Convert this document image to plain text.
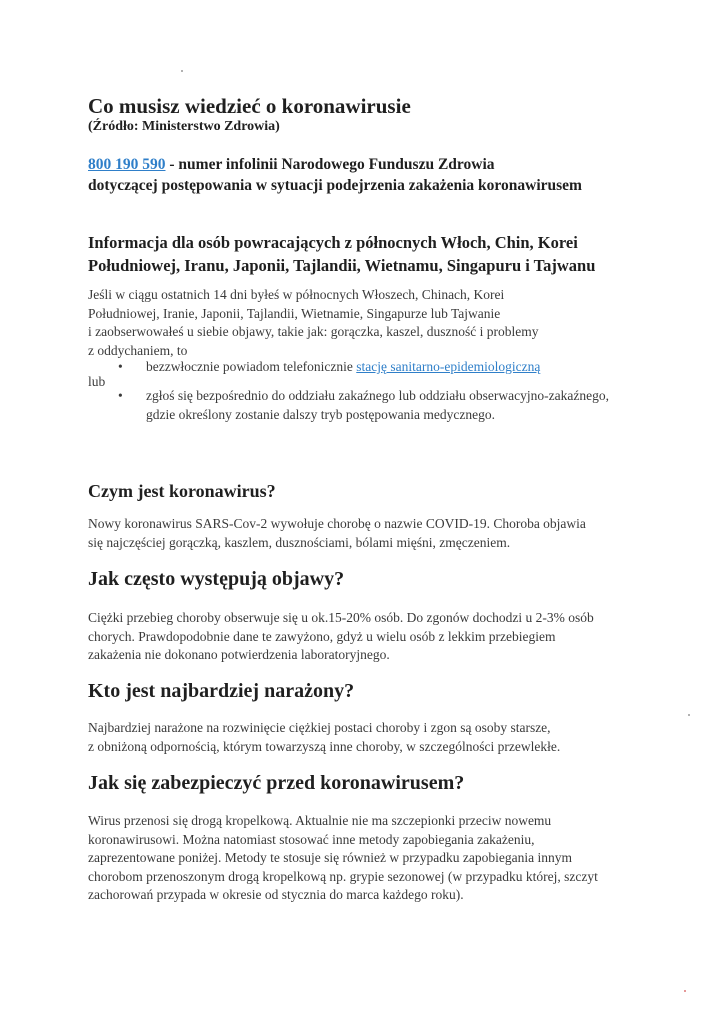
Co musisz wiedzieć o koronawirusie
(Źródło: Ministerstwo Zdrowia)
800 190 590 - numer infolinii Narodowego Funduszu Zdrowia
dotyczącej postępowania w sytuacji podejrzenia zakażenia koronawirusem
Informacja dla osób powracających z północnych Włoch, Chin, Korei
Południowej, Iranu, Japonii, Tajlandii, Wietnamu, Singapuru i Tajwanu
Jeśli w ciągu ostatnich 14 dni byłeś w północnych Włoszech, Chinach, Korei
Południowej, Iranie, Japonii, Tajlandii, Wietnamie, Singapurze lub Tajwanie
i zaobserwowałeś u siebie objawy, takie jak: gorączka, kaszel, duszność i problemy
z oddychaniem, to
• bezzwłocznie powiadom telefonicznie stację sanitarno-epidemiologiczną
lub
• zgłoś się bezpośrednio do oddziału zakaźnego lub oddziału obserwacyjno-zakaźnego,
gdzie określony zostanie dalszy tryb postępowania medycznego.
Czym jest koronawirus?
Nowy koronawirus SARS-Cov-2 wywołuje chorobę o nazwie COVID-19. Choroba objawia
się najczęściej gorączką, kaszlem, dusznościami, bólami mięśni, zmęczeniem.
Jak często występują objawy?
Ciężki przebieg choroby obserwuje się u ok.15-20% osób. Do zgonów dochodzi u 2-3% osób
chorych. Prawdopodobnie dane te zawyżono, gdyż u wielu osób z lekkim przebiegiem
zakażenia nie dokonano potwierdzenia laboratoryjnego.
Kto jest najbardziej narażony?
Najbardziej narażone na rozwinięcie ciężkiej postaci choroby i zgon są osoby starsze,
z obniżoną odpornością, którym towarzyszą inne choroby, w szczególności przewlekłe.
Jak się zabezpieczyć przed koronawirusem?
Wirus przenosi się drogą kropelkową. Aktualnie nie ma szczepionki przeciw nowemu
koronawirusowi. Można natomiast stosować inne metody zapobiegania zakażeniu,
zaprezentowane poniżej. Metody te stosuje się również w przypadku zapobiegania innym
chorobom przenoszonym drogą kropelkową np. grypie sezonowej (w przypadku której, szczyt
zachorowań przypada w okresie od stycznia do marca każdego roku).
